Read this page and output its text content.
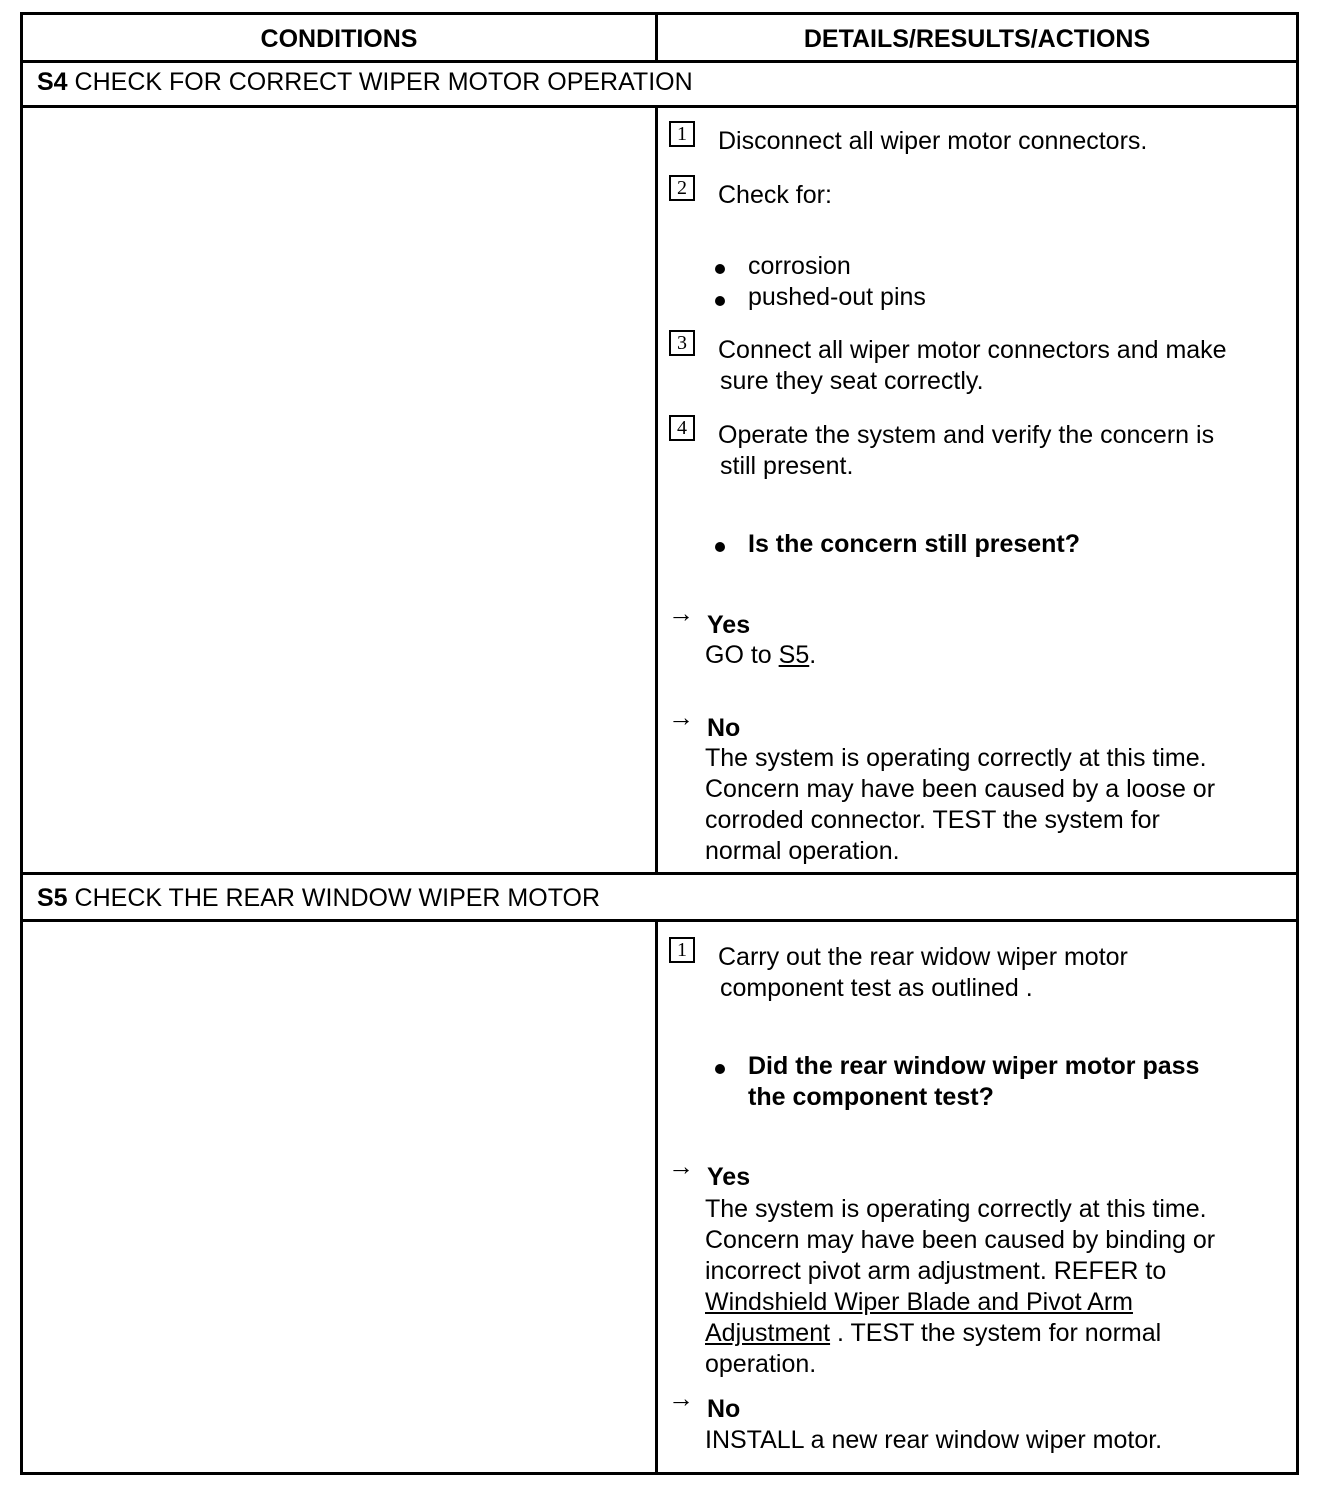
CONDITIONS	DETAILS/RESULTS/ACTIONS
S4 CHECK FOR CORRECT WIPER MOTOR OPERATION
1	Disconnect all wiper motor connectors.
2	Check for:
corrosion
pushed-out pins
3	Connect all wiper motor connectors and make
sure they seat correctly.
4	Operate the system and verify the concern is
still present.
Is the concern still present?
→ Yes
GO to S5.
→ No
The system is operating correctly at this time.
Concern may have been caused by a loose or
corroded connector. TEST the system for
normal operation.
S5 CHECK THE REAR WINDOW WIPER MOTOR
1	Carry out the rear widow wiper motor
component test as outlined .
Did the rear window wiper motor pass
the component test?
→ Yes
The system is operating correctly at this time.
Concern may have been caused by binding or
incorrect pivot arm adjustment. REFER to
Windshield Wiper Blade and Pivot Arm
Adjustment . TEST the system for normal
operation.
→ No
INSTALL a new rear window wiper motor.
